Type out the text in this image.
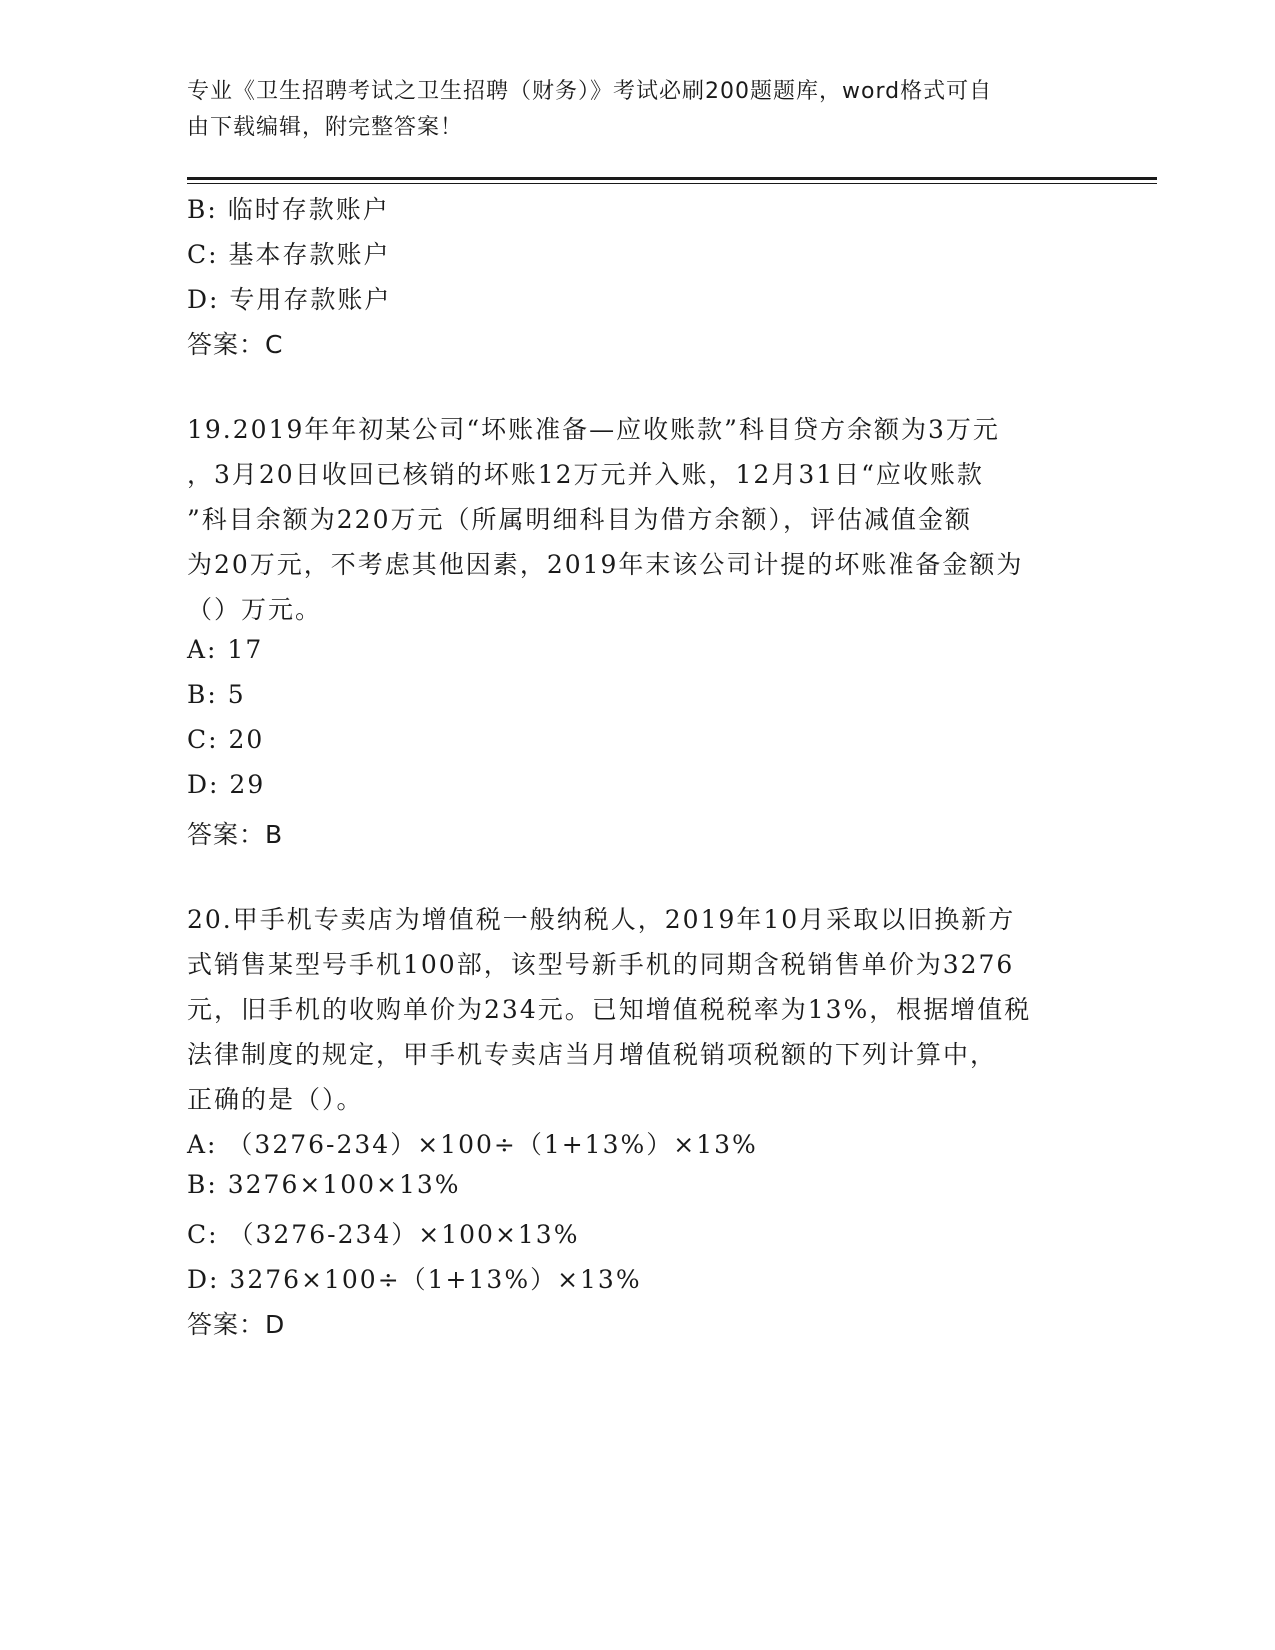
专业《卫生招聘考试之卫生招聘（财务）》考试必刷200题题库，word格式可自
由下载编辑，附完整答案！
B: 临时存款账户
C: 基本存款账户
D: 专用存款账户
答案：C
19.2019年年初某公司“坏账准备—应收账款”科目贷方余额为3万元
，3月20日收回已核销的坏账12万元并入账，12月31日“应收账款
”科目余额为220万元（所属明细科目为借方余额），评估减值金额
为20万元，不考虑其他因素，2019年末该公司计提的坏账准备金额为
（）万元。
A: 17
B: 5
C: 20
D: 29
答案：B
20.甲手机专卖店为增值税一般纳税人，2019年10月采取以旧换新方
式销售某型号手机100部，该型号新手机的同期含税销售单价为3276
元，旧手机的收购单价为234元。已知增值税税率为13%，根据增值税
法律制度的规定，甲手机专卖店当月增值税销项税额的下列计算中，
正确的是（）。
A: （3276-234）×100÷（1+13%）×13%
B: 3276×100×13%
C: （3276-234）×100×13%
D: 3276×100÷（1+13%）×13%
答案：D
